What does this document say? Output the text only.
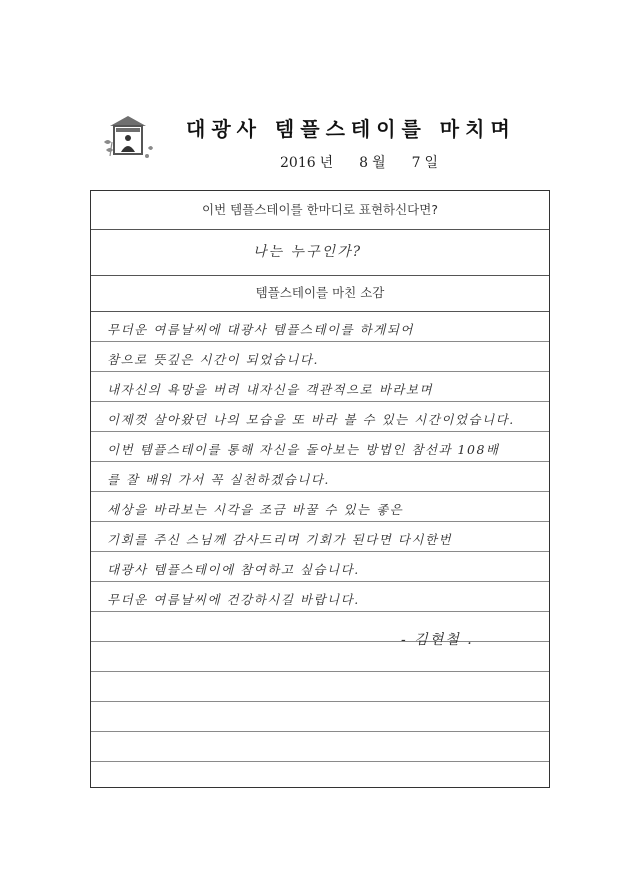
대광사 템플스테이를 마치며
2016 년 8 월 7 일
이번 템플스테이를 한마디로 표현하신다면?
나는 누구인가?
템플스테이를 마친 소감
무더운 여름날씨에 대광사 템플스테이를 하게되어
참으로 뜻깊은 시간이 되었습니다.
내자신의 욕망을 버려 내자신을 객관적으로 바라보며
이제껏 살아왔던 나의 모습을 또 바라 볼 수 있는 시간이었습니다.
이번 템플스테이를 통해 자신을 돌아보는 방법인 참선과 108배
를 잘 배워 가서 꼭 실천하겠습니다.
세상을 바라보는 시각을 조금 바꿀 수 있는 좋은
기회를 주신 스님께 감사드리며 기회가 된다면 다시한번
대광사 템플스테이에 참여하고 싶습니다.
무더운 여름날씨에 건강하시길 바랍니다.
- 김현철 .
